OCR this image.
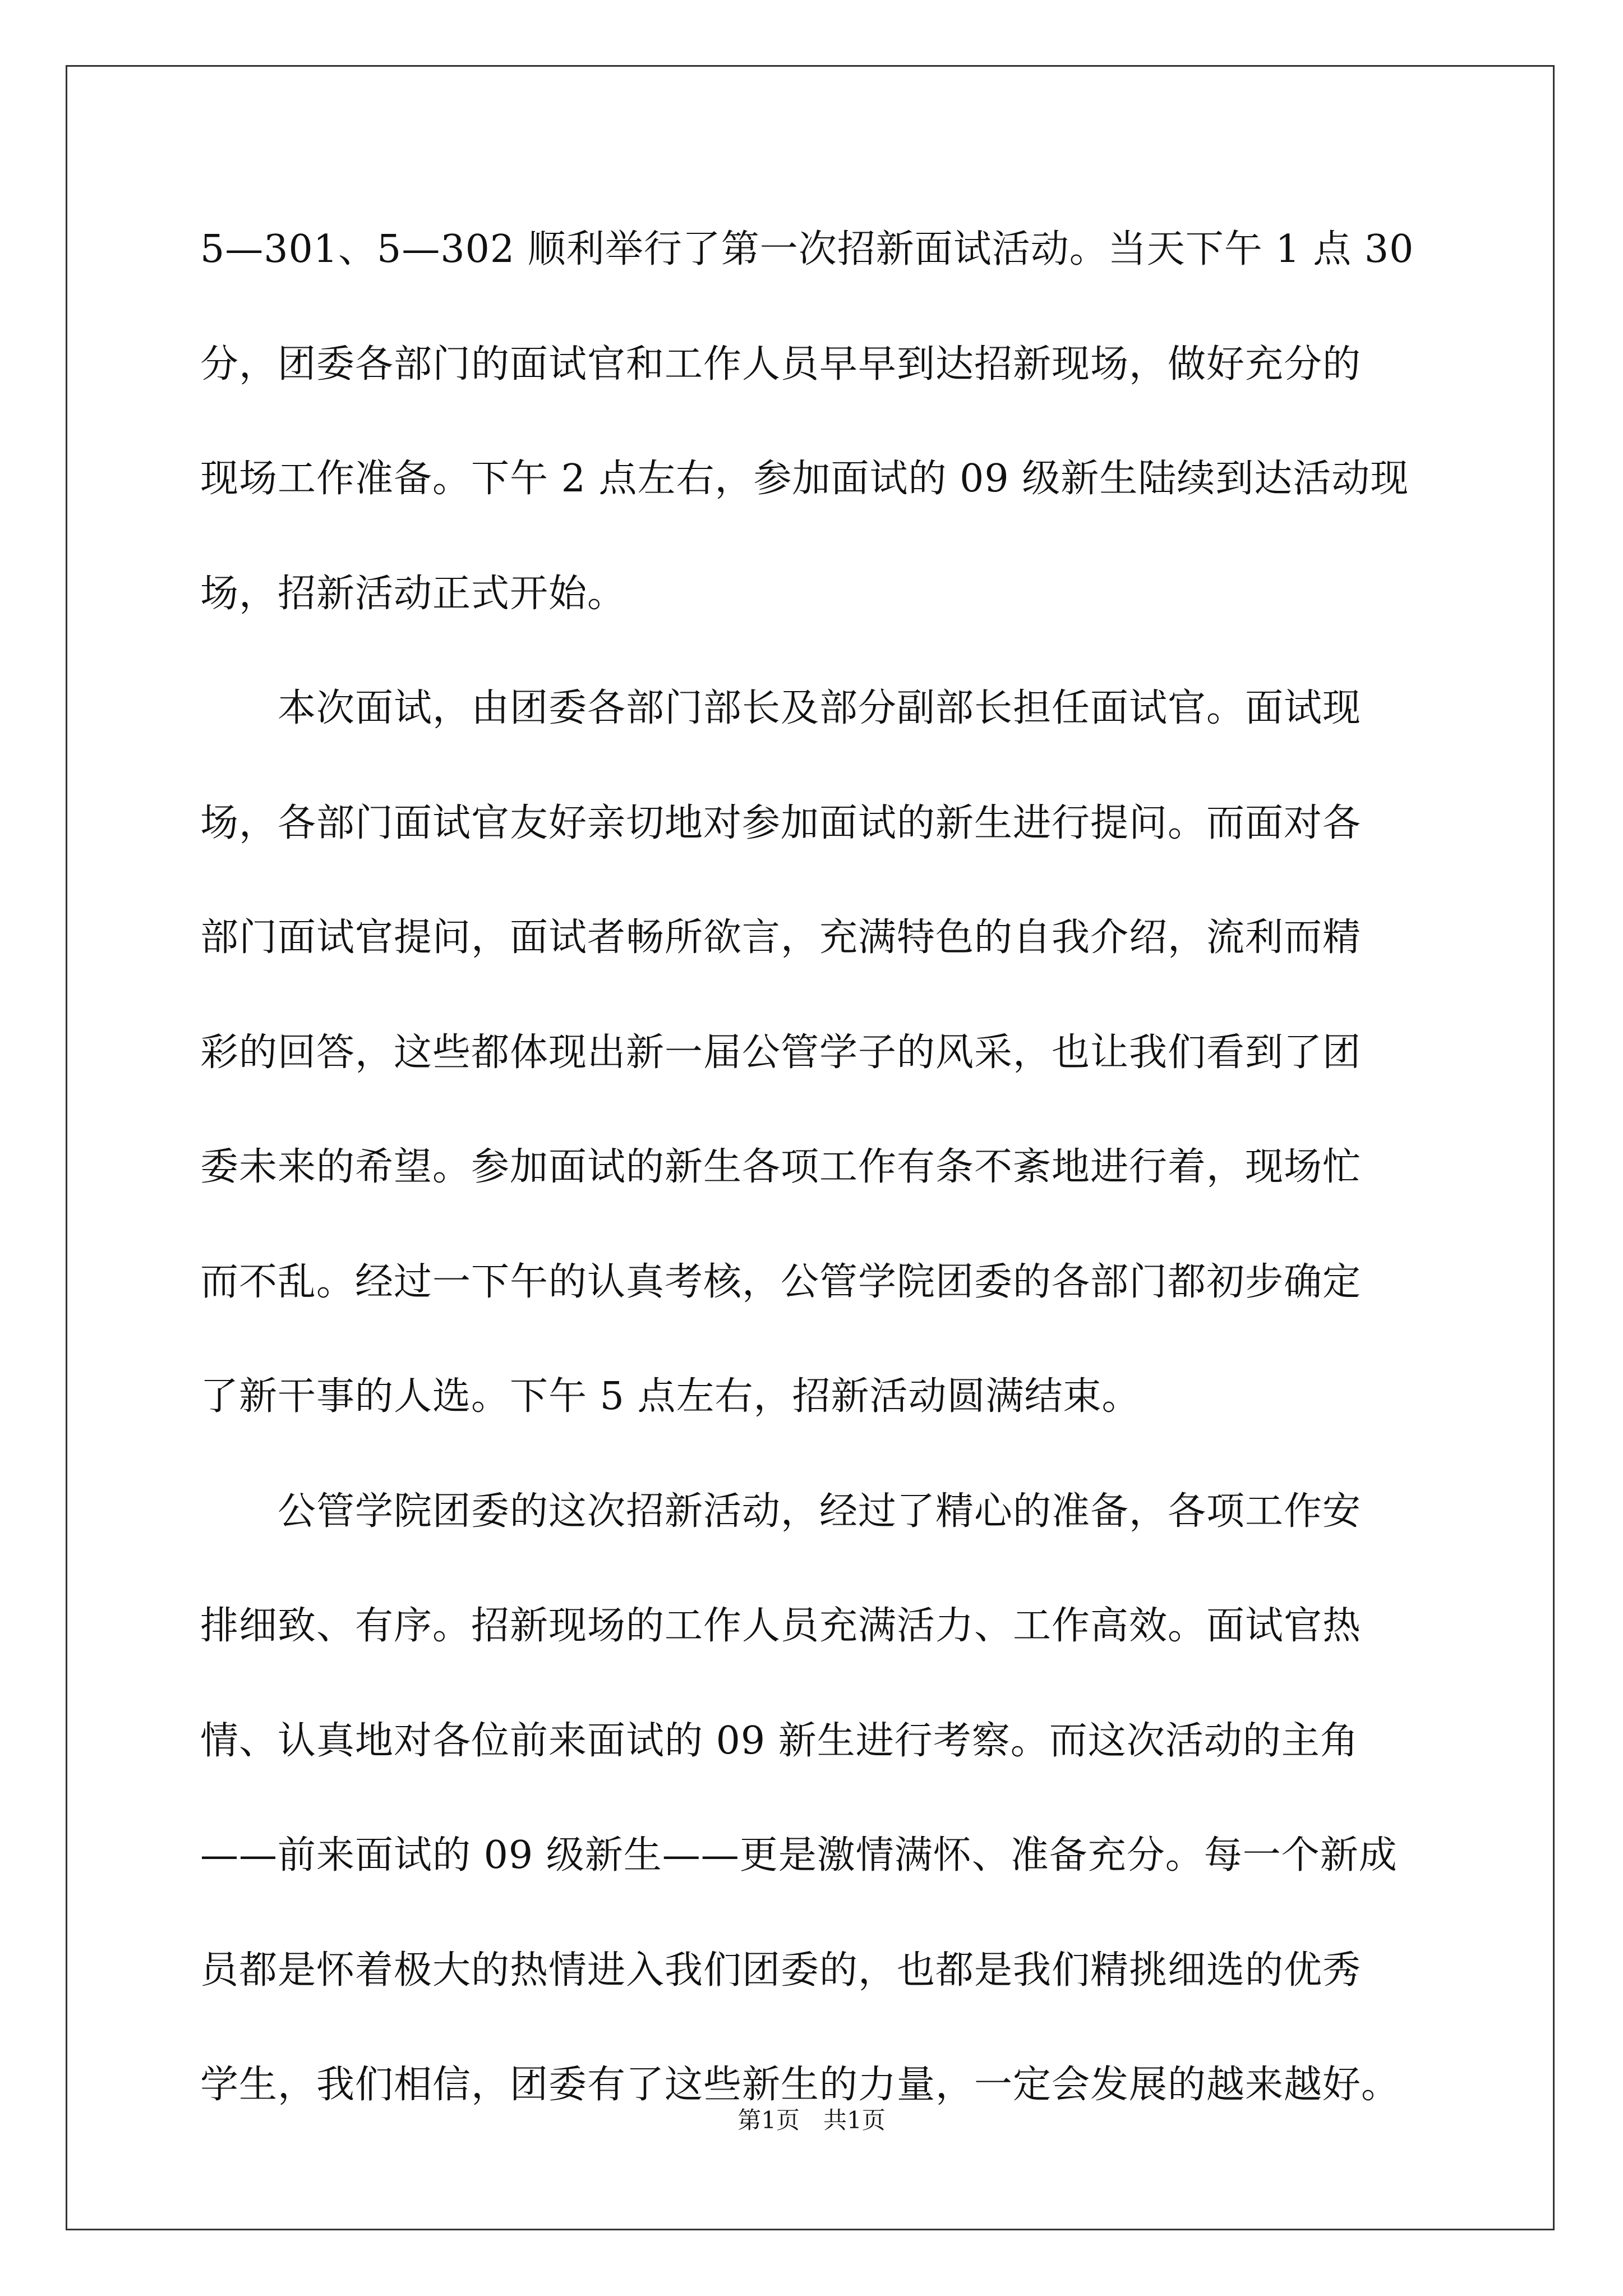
5—301、5—302 顺利举行了第一次招新面试活动。当天下午 1 点 30
分，团委各部门的面试官和工作人员早早到达招新现场，做好充分的
现场工作准备。下午 2 点左右，参加面试的 09 级新生陆续到达活动现
场，招新活动正式开始。
　　本次面试，由团委各部门部长及部分副部长担任面试官。面试现
场，各部门面试官友好亲切地对参加面试的新生进行提问。而面对各
部门面试官提问，面试者畅所欲言，充满特色的自我介绍，流利而精
彩的回答，这些都体现出新一届公管学子的风采，也让我们看到了团
委未来的希望。参加面试的新生各项工作有条不紊地进行着，现场忙
而不乱。经过一下午的认真考核，公管学院团委的各部门都初步确定
了新干事的人选。下午 5 点左右，招新活动圆满结束。
　　公管学院团委的这次招新活动，经过了精心的准备，各项工作安
排细致、有序。招新现场的工作人员充满活力、工作高效。面试官热
情、认真地对各位前来面试的 09 新生进行考察。而这次活动的主角
——前来面试的 09 级新生——更是激情满怀、准备充分。每一个新成
员都是怀着极大的热情进入我们团委的，也都是我们精挑细选的优秀
学生，我们相信，团委有了这些新生的力量，一定会发展的越来越好。
第1页　共1页
